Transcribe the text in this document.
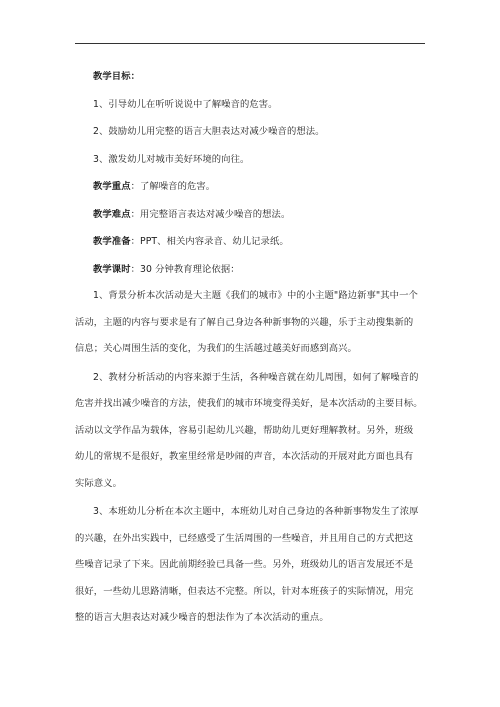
教学目标：
1、引导幼儿在听听说说中了解噪音的危害。
2、鼓励幼儿用完整的语言大胆表达对减少噪音的想法。
3、激发幼儿对城市美好环境的向往。
教学重点：了解噪音的危害。
教学难点：用完整语言表达对减少噪音的想法。
教学准备：PPT、相关内容录音、幼儿记录纸。
教学课时：30 分钟教育理论依据：
1、背景分析本次活动是大主题《我们的城市》中的小主题"路边新事"其中一个
活动，主题的内容与要求是有了解自己身边各种新事物的兴趣，乐于主动搜集新的
信息；关心周围生活的变化，为我们的生活越过越美好而感到高兴。
2、教材分析活动的内容来源于生活，各种噪音就在幼儿周围，如何了解噪音的
危害并找出减少噪音的方法，使我们的城市环境变得美好，是本次活动的主要目标。
活动以文学作品为载体，容易引起幼儿兴趣，帮助幼儿更好理解教材。另外，班级
幼儿的常规不是很好，教室里经常是吵闹的声音，本次活动的开展对此方面也具有
实际意义。
3、本班幼儿分析在本次主题中，本班幼儿对自己身边的各种新事物发生了浓厚
的兴趣，在外出实践中，已经感受了生活周围的一些噪音，并且用自己的方式把这
些噪音记录了下来。因此前期经验已具备一些。另外，班级幼儿的语言发展还不是
很好，一些幼儿思路清晰，但表达不完整。所以，针对本班孩子的实际情况，用完
整的语言大胆表达对减少噪音的想法作为了本次活动的重点。
